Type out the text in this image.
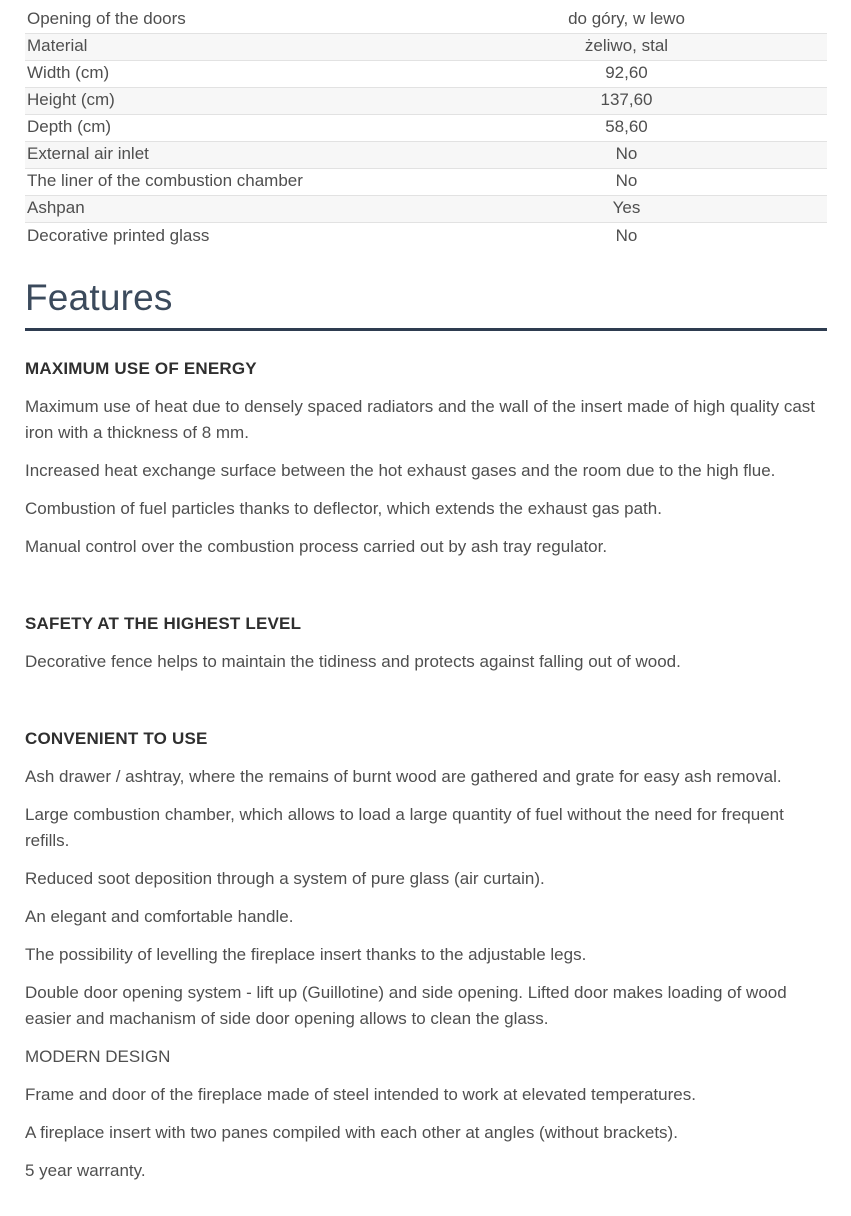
Opening of the doors	do góry, w lewo
Material	żeliwo, stal
Width (cm)	92,60
Height (cm)	137,60
Depth (cm)	58,60
External air inlet	No
The liner of the combustion chamber	No
Ashpan	Yes
Decorative printed glass	No
Features
MAXIMUM USE OF ENERGY

Maximum use of heat due to densely spaced radiators and the wall of the insert made of high quality cast iron with a thickness of 8 mm.

Increased heat exchange surface between the hot exhaust gases and the room due to the high flue.

Combustion of fuel particles thanks to deflector, which extends the exhaust gas path.

Manual control over the combustion process carried out by ash tray regulator.

SAFETY AT THE HIGHEST LEVEL

Decorative fence helps to maintain the tidiness and protects against falling out of wood.

CONVENIENT TO USE

Ash drawer / ashtray, where the remains of burnt wood are gathered and grate for easy ash removal.

Large combustion chamber, which allows to load a large quantity of fuel without the need for frequent refills.

Reduced soot deposition through a system of pure glass (air curtain).

An elegant and comfortable handle.

The possibility of levelling the fireplace insert thanks to the adjustable legs.

Double door opening system - lift up (Guillotine) and side opening. Lifted door makes loading of wood easier and machanism of side door opening allows to clean the glass.

MODERN DESIGN

Frame and door of the fireplace made of steel intended to work at elevated temperatures.

A fireplace insert with two panes compiled with each other at angles (without brackets).

5 year warranty.
